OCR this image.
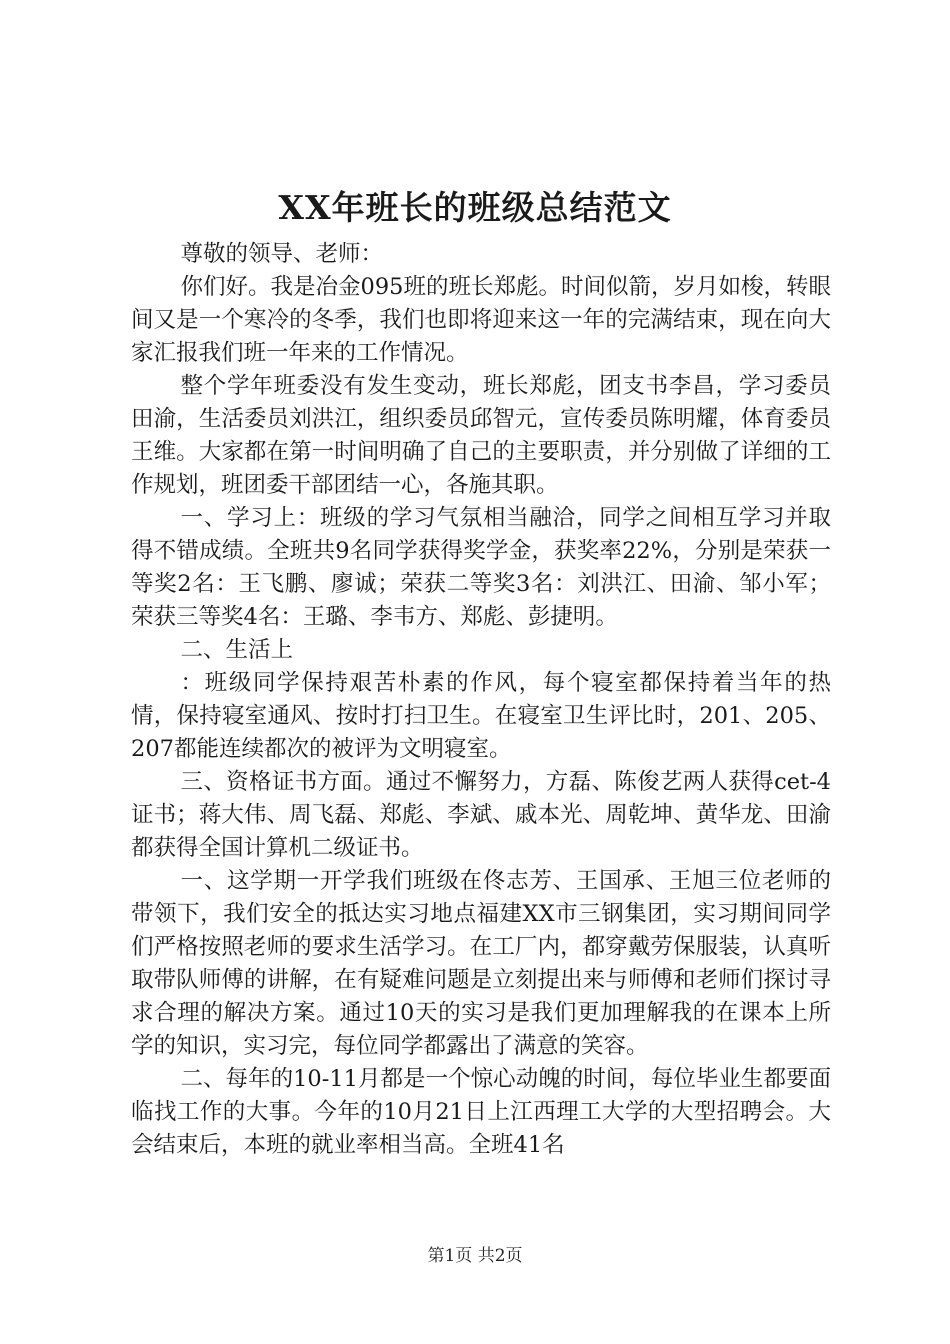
XX年班长的班级总结范文

尊敬的领导、老师：

你们好。我是冶金095班的班长郑彪。时间似箭，岁月如梭，转眼间又是一个寒冷的冬季，我们也即将迎来这一年的完满结束，现在向大家汇报我们班一年来的工作情况。

整个学年班委没有发生变动，班长郑彪，团支书李昌，学习委员田渝，生活委员刘洪江，组织委员邱智元，宣传委员陈明耀，体育委员王维。大家都在第一时间明确了自己的主要职责，并分别做了详细的工作规划，班团委干部团结一心，各施其职。

一、学习上：班级的学习气氛相当融洽，同学之间相互学习并取得不错成绩。全班共9名同学获得奖学金，获奖率22%，分别是荣获一等奖2名：王飞鹏、廖诚；荣获二等奖3名：刘洪江、田渝、邹小军；荣获三等奖4名：王璐、李韦方、郑彪、彭捷明。

二、生活上

：班级同学保持艰苦朴素的作风，每个寝室都保持着当年的热情，保持寝室通风、按时打扫卫生。在寝室卫生评比时，201、205、207都能连续都次的被评为文明寝室。

三、资格证书方面。通过不懈努力，方磊、陈俊艺两人获得cet-4证书；蒋大伟、周飞磊、郑彪、李斌、戚本光、周乾坤、黄华龙、田渝都获得全国计算机二级证书。

一、这学期一开学我们班级在佟志芳、王国承、王旭三位老师的带领下，我们安全的抵达实习地点福建XX市三钢集团，实习期间同学们严格按照老师的要求生活学习。在工厂内，都穿戴劳保服装，认真听取带队师傅的讲解，在有疑难问题是立刻提出来与师傅和老师们探讨寻求合理的解决方案。通过10天的实习是我们更加理解我的在课本上所学的知识，实习完，每位同学都露出了满意的笑容。

二、每年的10-11月都是一个惊心动魄的时间，每位毕业生都要面临找工作的大事。今年的10月21日上江西理工大学的大型招聘会。大会结束后，本班的就业率相当高。全班41名

第1页 共2页
